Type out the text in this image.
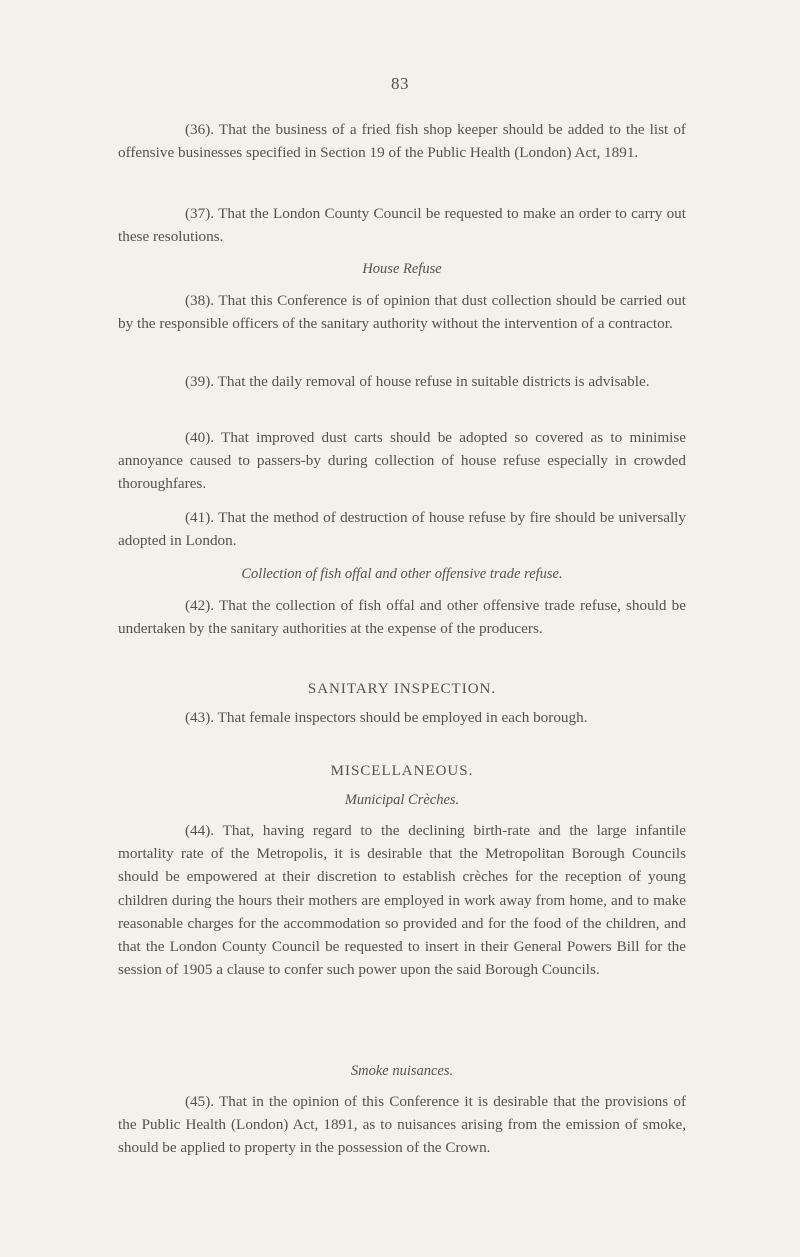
83

(36). That the business of a fried fish shop keeper should be added to the list of offensive businesses specified in Section 19 of the Public Health (London) Act, 1891.

(37). That the London County Council be requested to make an order to carry out these resolutions.

House Refuse

(38). That this Conference is of opinion that dust collection should be carried out by the responsible officers of the sanitary authority without the intervention of a contractor.

(39). That the daily removal of house refuse in suitable districts is advisable.

(40). That improved dust carts should be adopted so covered as to minimise annoyance caused to passers-by during collection of house refuse especially in crowded thoroughfares.

(41). That the method of destruction of house refuse by fire should be universally adopted in London.

Collection of fish offal and other offensive trade refuse.

(42). That the collection of fish offal and other offensive trade refuse, should be undertaken by the sanitary authorities at the expense of the producers.

SANITARY INSPECTION.

(43). That female inspectors should be employed in each borough.

MISCELLANEOUS.
Municipal Crèches.

(44). That, having regard to the declining birth-rate and the large infantile mortality rate of the Metropolis, it is desirable that the Metropolitan Borough Councils should be empowered at their discretion to establish crèches for the reception of young children during the hours their mothers are employed in work away from home, and to make reasonable charges for the accommodation so provided and for the food of the children, and that the London County Council be requested to insert in their General Powers Bill for the session of 1905 a clause to confer such power upon the said Borough Councils.

Smoke nuisances.

(45). That in the opinion of this Conference it is desirable that the provisions of the Public Health (London) Act, 1891, as to nuisances arising from the emission of smoke, should be applied to property in the possession of the Crown.
